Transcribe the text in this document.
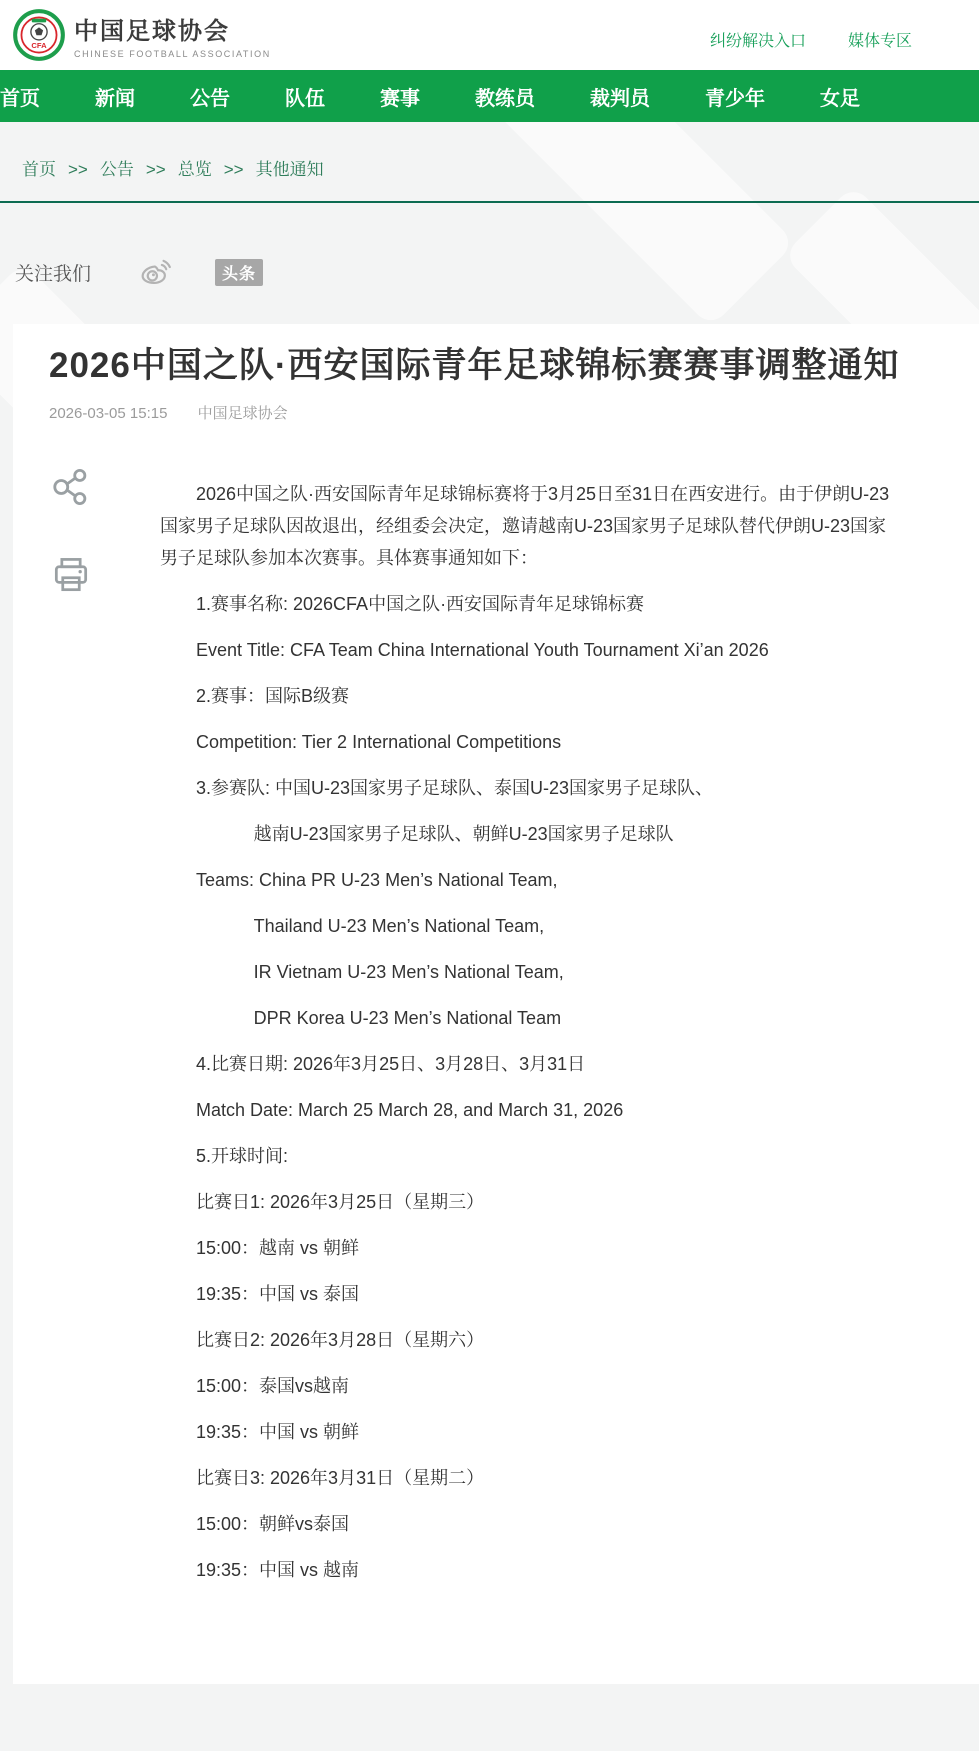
CFA
中国足球协会
CHINESE FOOTBALL ASSOCIATION
纠纷解决入口	媒体专区
首页	新闻	公告	队伍	赛事	教练员	裁判员	青少年	女足
首页 >> 公告 >> 总览 >> 其他通知
关注我们	头条
2026中国之队·西安国际青年足球锦标赛赛事调整通知
2026-03-05 15:15 中国足球协会

2026中国之队·西安国际青年足球锦标赛将于3月25日至31日在西安进行。由于伊朗U-23国家男子足球队因故退出，经组委会决定，邀请越南U-23国家男子足球队替代伊朗U-23国家男子足球队参加本次赛事。具体赛事通知如下：

1.赛事名称: 2026CFA中国之队·西安国际青年足球锦标赛

Event Title: CFA Team China International Youth Tournament Xi’an 2026

2.赛事：国际B级赛

Competition: Tier 2 International Competitions

3.参赛队: 中国U-23国家男子足球队、泰国U-23国家男子足球队、

越南U-23国家男子足球队、朝鲜U-23国家男子足球队

Teams: China PR U-23 Men’s National Team,

Thailand U-23 Men’s National Team,

IR Vietnam U-23 Men’s National Team,

DPR Korea U-23 Men’s National Team

4.比赛日期: 2026年3月25日、3月28日、3月31日

Match Date: March 25 March 28, and March 31, 2026

5.开球时间:

比赛日1: 2026年3月25日（星期三）

15:00：越南 vs 朝鲜

19:35：中国 vs 泰国

比赛日2: 2026年3月28日（星期六）

15:00：泰国vs越南

19:35：中国 vs 朝鲜

比赛日3: 2026年3月31日（星期二）

15:00：朝鲜vs泰国

19:35：中国 vs 越南
